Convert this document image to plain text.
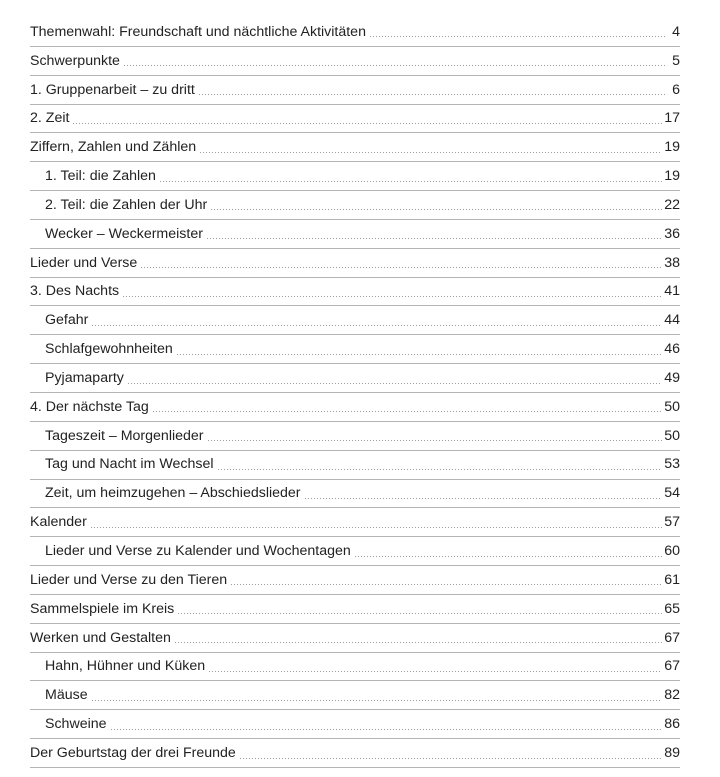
Themenwahl: Freundschaft und nächtliche Aktivitäten	4
Schwerpunkte	5
1. Gruppenarbeit – zu dritt	6
2. Zeit	17
Ziffern, Zahlen und Zählen	19
1. Teil: die Zahlen	19
2. Teil: die Zahlen der Uhr	22
Wecker – Weckermeister	36
Lieder und Verse	38
3. Des Nachts	41
Gefahr	44
Schlafgewohnheiten	46
Pyjamaparty	49
4. Der nächste Tag	50
Tageszeit – Morgenlieder	50
Tag und Nacht im Wechsel	53
Zeit, um heimzugehen – Abschiedslieder	54
Kalender	57
Lieder und Verse zu Kalender und Wochentagen	60
Lieder und Verse zu den Tieren	61
Sammelspiele im Kreis	65
Werken und Gestalten	67
Hahn, Hühner und Küken	67
Mäuse	82
Schweine	86
Der Geburtstag der drei Freunde	89
